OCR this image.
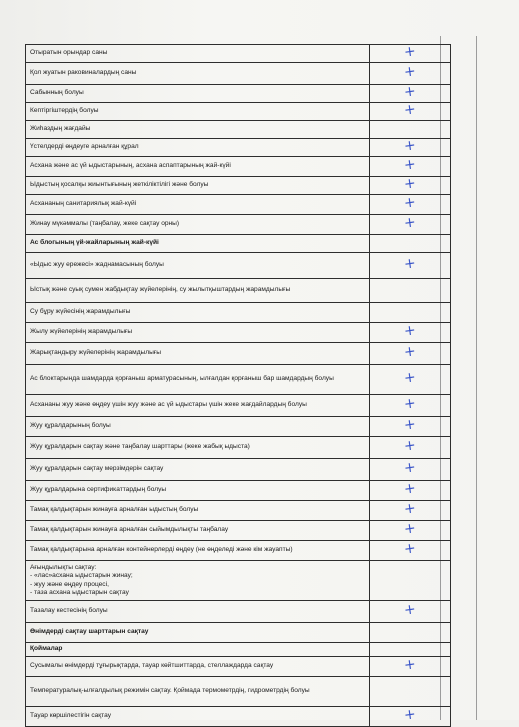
Отыратын орындар саны	+
Қол жуатын раковиналардың саны	+
Сабынның болуы	+
Кептіргіштердің болуы	+
Жиһаздың жағдайы	
Үстелдерді өңдеуге арналған құрал	+
Асхана және ас үй ыдыстарының, асхана аспаптарының жай-күйі	+
Ыдыстың қосалқы жиынтығының жеткіліктілігі және болуы	+
Асхананың санитариялық жай-күйі	+
Жинау мүкәммалы (таңбалау, жеке сақтау орны)	+
Ас блогының үй-жайларының жай-күйі	
«Ыдыс жуу ережесі» жаднамасының болуы	+
Ыстық және суық сумен жабдықтау жүйелерінің, су жылытқыштардың жарамдылығы	
Су бұру жүйесінің жарамдылығы	
Жылу жүйелерінің жарамдылығы	+
Жарықтандыру жүйелерінің жарамдылығы	+
Ас блоктарында шамдарда қорғаныш арматураcының, ылғалдан қорғаныш бар шамдардың болуы	+
Асхананы жуу және өңдеу үшін жуу және ас үй ыдыстары үшін жеке жағдайлардың болуы	+
Жуу құралдарының болуы	+
Жуу құралдарын сақтау және таңбалау шарттары (жеке жабық ыдыста)	+
Жуу құралдарын сақтау мерзімдерін сақтау	+
Жуу құралдарына сертификаттардың болуы	+
Тамақ қалдықтарын жинауға арналған ыдыстың болуы	+
Тамақ қалдықтарын жинауға арналған сыйымдылықты таңбалау	+
Тамақ қалдықтарына арналған контейнерлерді өңдеу (не өңделеді және кім жауапты)	+

Ағындылықты сақтау:
- «лас»асхана ыдыстарын жинау;
- жуу және өңдеу процесі,
- таза асхана ыдыстарын сақтау	

Тазалау кестесінің болуы	+
Өнімдерді сақтау шарттарын сақтау	
Қоймалар	
Сусымалы өнімдерді тұғырықтарда, тауар көйтшиттарда, стеллаждарда сақтау	+
Температуралық-ылғалдылық режимін сақтау. Қоймада термометрдің, гидрометрдің болуы	
Тауар көршілестігін сақтау	+
